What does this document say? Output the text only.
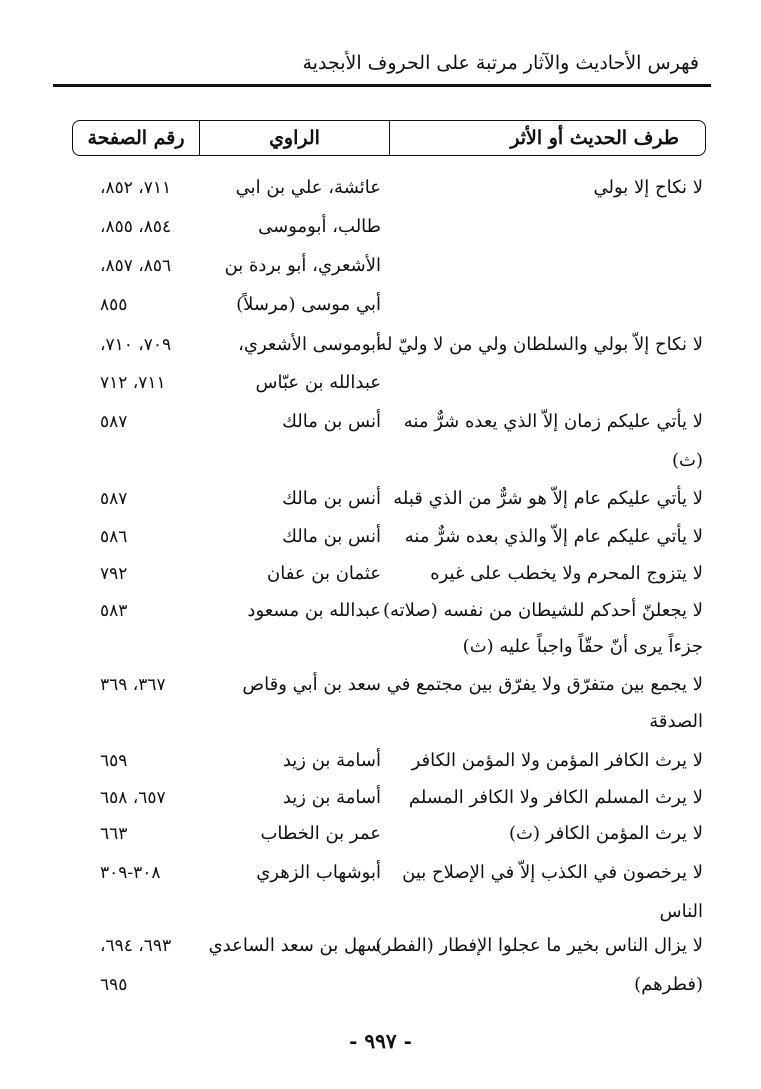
فهرس الأحاديث والآثار مرتبة على الحروف الأبجدية
طرف الحديث أو الأثر
الراوي
رقم الصفحة
لا نكاح إلا بولي
عائشة، علي بن ابي
٧١١، ٨٥٢،
طالب، أبوموسى
٨٥٤، ٨٥٥،
الأشعري، أبو بردة بن
٨٥٦، ٨٥٧،
أبي موسى (مرسلاً)
٨٥٥
لا نكاح إلاّ بولي والسلطان ولي من لا وليّ له
أبوموسى الأشعري،
٧٠٩، ٧١٠،
عبدالله بن عبّاس
٧١١، ٧١٢
لا يأتي عليكم زمان إلاّ الذي يعده شرٌّ منه
أنس بن مالك
٥٨٧
(ث)
لا يأتي عليكم عام إلاّ هو شرٌّ من الذي قبله
أنس بن مالك
٥٨٧
لا يأتي عليكم عام إلاّ والذي بعده شرٌّ منه
أنس بن مالك
٥٨٦
لا يتزوج المحرم ولا يخطب على غيره
عثمان بن عفان
٧٩٢
لا يجعلنّ أحدكم للشيطان من نفسه (صلاته)
عبدالله بن مسعود
٥٨٣
جزءاً يرى أنّ حقّاً واجباً عليه (ث)
لا يجمع بين متفرّق ولا يفرّق بين مجتمع في
سعد بن أبي وقاص
٣٦٧، ٣٦٩
الصدقة
لا يرث الكافر المؤمن ولا المؤمن الكافر
أسامة بن زيد
٦٥٩
لا يرث المسلم الكافر ولا الكافر المسلم
أسامة بن زيد
٦٥٧، ٦٥٨
لا يرث المؤمن الكافر (ث)
عمر بن الخطاب
٦٦٣
لا يرخصون في الكذب إلاّ في الإصلاح بين
أبوشهاب الزهري
٣٠٨-٣٠٩
الناس
لا يزال الناس بخير ما عجلوا الإفطار (الفطر)
سهل بن سعد الساعدي
٦٩٣، ٦٩٤،
(فطرهم)
٦٩٥
- ٩٩٧ -
